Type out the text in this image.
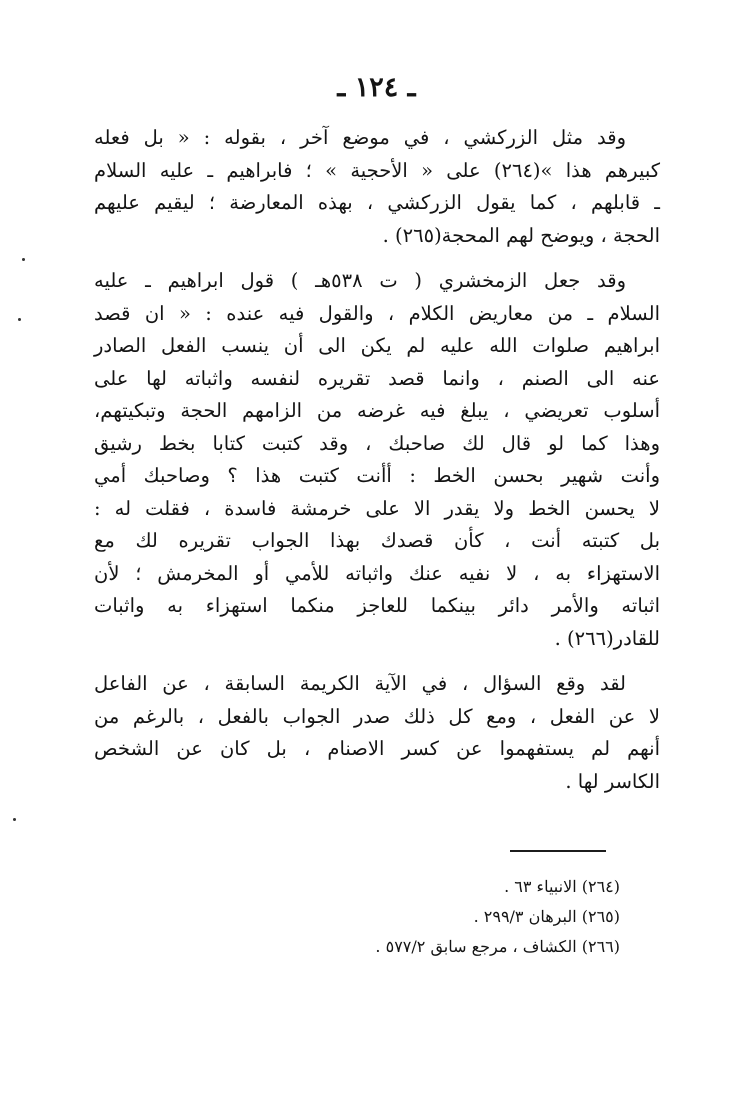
ـ ١٢٤ ـ
وقد مثل الزركشي ، في موضع آخر ، بقوله : « بل فعله
كبيرهم هذا »(٢٦٤) على « الأحجية » ؛ فابراهيم ـ عليه السلام
ـ قابلهم ، كما يقول الزركشي ، بهذه المعارضة ؛ ليقيم عليهم
الحجة ، ويوضح لهم المحجة(٢٦٥) .
وقد جعل الزمخشري ( ت ٥٣٨هـ ) قول ابراهيم ـ عليه
السلام ـ من معاريض الكلام ، والقول فيه عنده : « ان قصد
ابراهيم صلوات الله عليه لم يكن الى أن ينسب الفعل الصادر
عنه الى الصنم ، وانما قصد تقريره لنفسه واثباته لها على
أسلوب تعريضي ، يبلغ فيه غرضه من الزامهم الحجة وتبكيتهم،
وهذا كما لو قال لك صاحبك ، وقد كتبت كتابا بخط رشيق
وأنت شهير بحسن الخط : أأنت كتبت هذا ؟ وصاحبك أمي
لا يحسن الخط ولا يقدر الا على خرمشة فاسدة ، فقلت له :
بل كتبته أنت ، كأن قصدك بهذا الجواب تقريره لك مع
الاستهزاء به ، لا نفيه عنك واثباته للأمي أو المخرمش ؛ لأن
اثباته والأمر دائر بينكما للعاجز منكما استهزاء به واثبات
للقادر(٢٦٦) .
لقد وقع السؤال ، في الآية الكريمة السابقة ، عن الفاعل
لا عن الفعل ، ومع كل ذلك صدر الجواب بالفعل ، بالرغم من
أنهم لم يستفهموا عن كسر الاصنام ، بل كان عن الشخص
الكاسر لها .
(٢٦٤) الانبياء ٦٣ .
(٢٦٥) البرهان ٢٩٩/٣ .
(٢٦٦) الكشاف ، مرجع سابق ٥٧٧/٢ .
